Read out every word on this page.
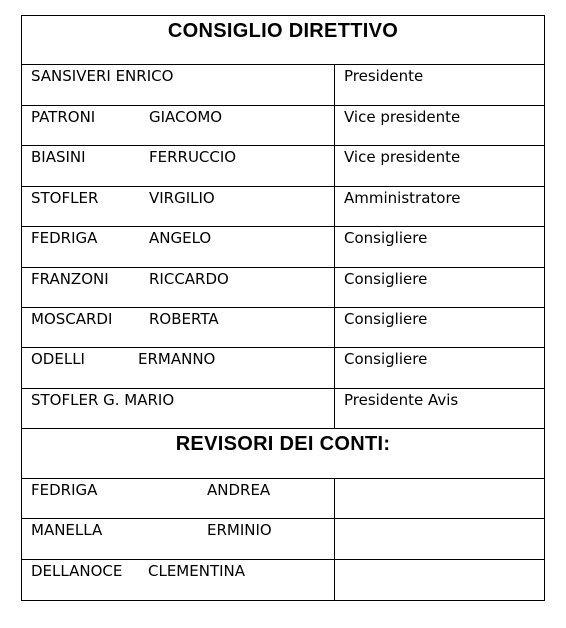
CONSIGLIO DIRETTIVO
SANSIVERI ENRICO	Presidente
PATRONI	GIACOMO	Vice presidente
BIASINI	FERRUCCIO	Vice presidente
STOFLER	VIRGILIO	Amministratore
FEDRIGA	ANGELO	Consigliere
FRANZONI	RICCARDO	Consigliere
MOSCARDI ROBERTA	Consigliere
ODELLI	ERMANNO	Consigliere
STOFLER G. MARIO	Presidente Avis
REVISORI DEI CONTI:
FEDRIGA	ANDREA
MANELLA	ERMINIO
DELLANOCE CLEMENTINA
